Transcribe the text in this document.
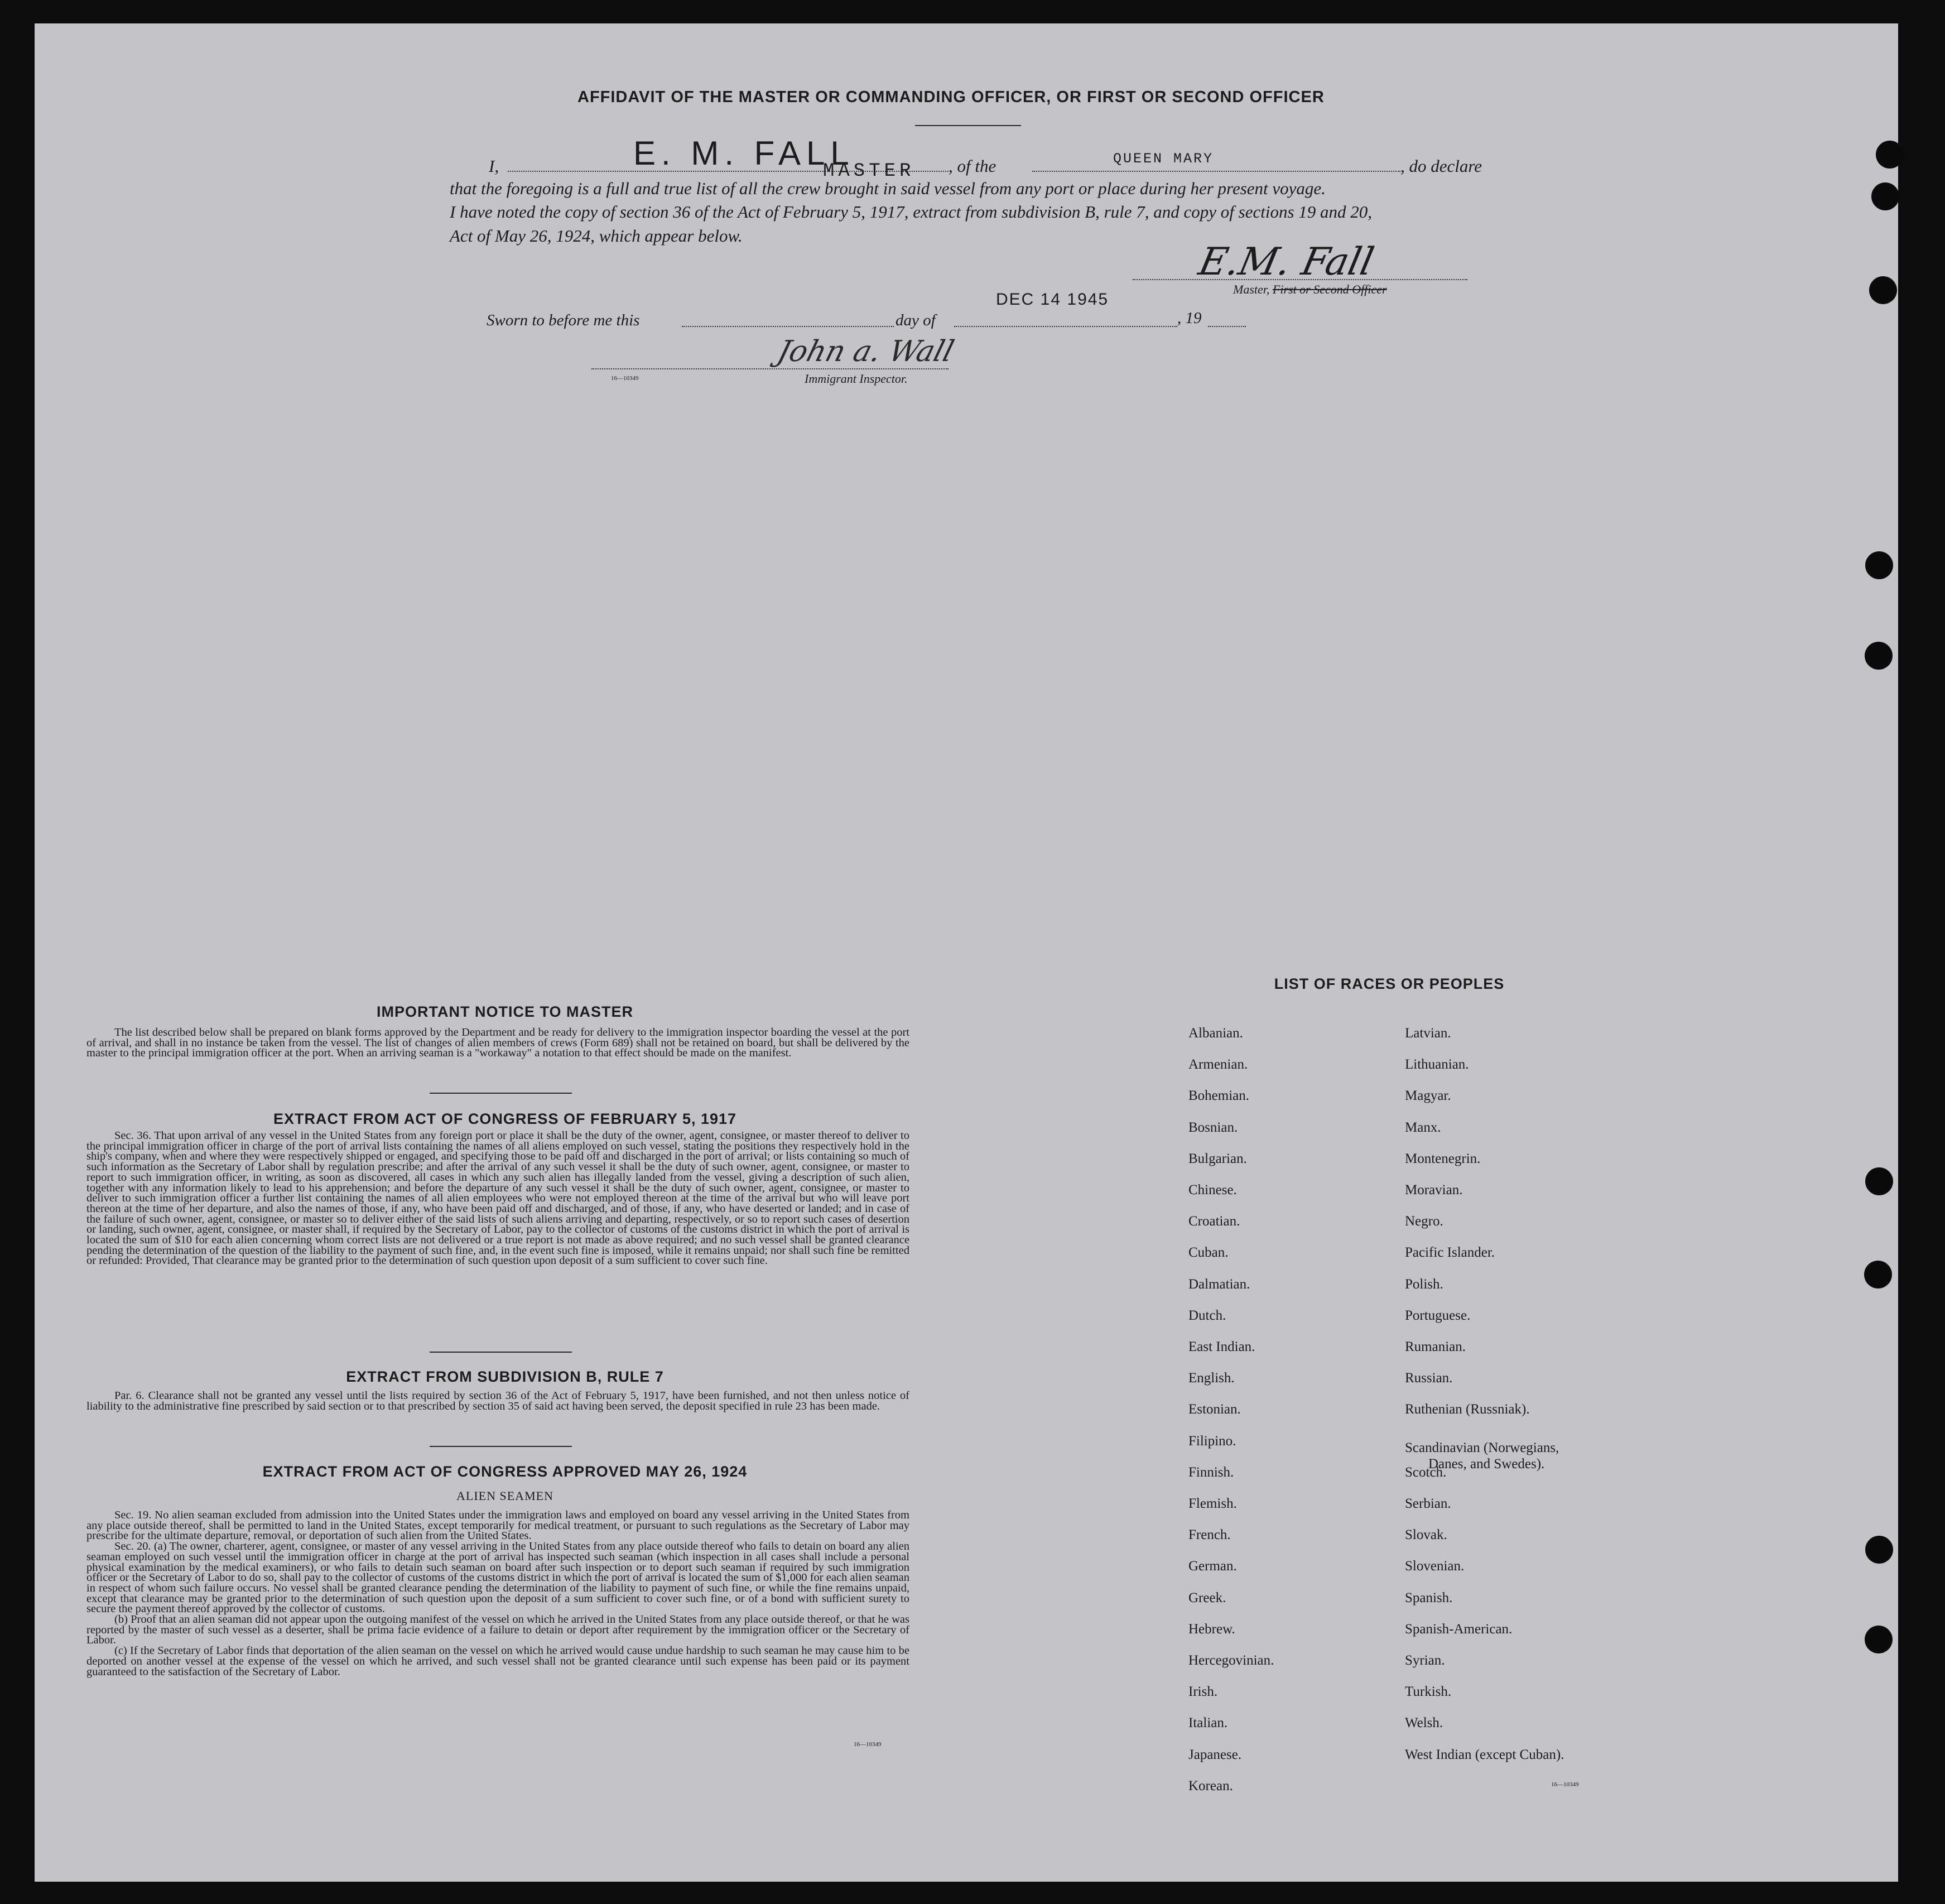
AFFIDAVIT OF THE MASTER OR COMMANDING OFFICER, OR FIRST OR SECOND OFFICER
I,	E. M. FALL
MASTER , of the	QUEEN MARY	, do declare
that the foregoing is a full and true list of all the crew brought in said vessel from any port or place during her present voyage.
I have noted the copy of section 36 of the Act of February 5, 1917, extract from subdivision B, rule 7, and copy of sections 19 and 20,
Act of May 26, 1924, which appear below.
E.M. Fall
Master, First or Second Officer
Sworn to before me this	day of
DEC 14 1945
, 19
John a. Wall
Immigrant Inspector.
16—10349
IMPORTANT NOTICE TO MASTER

The list described below shall be prepared on blank forms approved by the Department and be ready for delivery to the immigration inspector boarding the vessel at the port of arrival, and shall in no instance be taken from the vessel. The list of changes of alien members of crews (Form 689) shall not be retained on board, but shall be delivered by the master to the principal immigration officer at the port. When an arriving seaman is a "workaway" a notation to that effect should be made on the manifest.

EXTRACT FROM ACT OF CONGRESS OF FEBRUARY 5, 1917

Sec. 36. That upon arrival of any vessel in the United States from any foreign port or place it shall be the duty of the owner, agent, consignee, or master thereof to deliver to the principal immigration officer in charge of the port of arrival lists containing the names of all aliens employed on such vessel, stating the positions they respectively hold in the ship's company, when and where they were respectively shipped or engaged, and specifying those to be paid off and discharged in the port of arrival; or lists containing so much of such information as the Secretary of Labor shall by regulation prescribe; and after the arrival of any such vessel it shall be the duty of such owner, agent, consignee, or master to report to such immigration officer, in writing, as soon as discovered, all cases in which any such alien has illegally landed from the vessel, giving a description of such alien, together with any information likely to lead to his apprehension; and before the departure of any such vessel it shall be the duty of such owner, agent, consignee, or master to deliver to such immigration officer a further list containing the names of all alien employees who were not employed thereon at the time of the arrival but who will leave port thereon at the time of her departure, and also the names of those, if any, who have been paid off and discharged, and of those, if any, who have deserted or landed; and in case of the failure of such owner, agent, consignee, or master so to deliver either of the said lists of such aliens arriving and departing, respectively, or so to report such cases of desertion or landing, such owner, agent, consignee, or master shall, if required by the Secretary of Labor, pay to the collector of customs of the customs district in which the port of arrival is located the sum of $10 for each alien concerning whom correct lists are not delivered or a true report is not made as above required; and no such vessel shall be granted clearance pending the determination of the question of the liability to the payment of such fine, and, in the event such fine is imposed, while it remains unpaid; nor shall such fine be remitted or refunded: Provided, That clearance may be granted prior to the determination of such question upon deposit of a sum sufficient to cover such fine.

EXTRACT FROM SUBDIVISION B, RULE 7

Par. 6. Clearance shall not be granted any vessel until the lists required by section 36 of the Act of February 5, 1917, have been furnished, and not then unless notice of liability to the administrative fine prescribed by said section or to that prescribed by section 35 of said act having been served, the deposit specified in rule 23 has been made.

EXTRACT FROM ACT OF CONGRESS APPROVED MAY 26, 1924
ALIEN SEAMEN

Sec. 19. No alien seaman excluded from admission into the United States under the immigration laws and employed on board any vessel arriving in the United States from any place outside thereof, shall be permitted to land in the United States, except temporarily for medical treatment, or pursuant to such regulations as the Secretary of Labor may prescribe for the ultimate departure, removal, or deportation of such alien from the United States.

Sec. 20. (a) The owner, charterer, agent, consignee, or master of any vessel arriving in the United States from any place outside thereof who fails to detain on board any alien seaman employed on such vessel until the immigration officer in charge at the port of arrival has inspected such seaman (which inspection in all cases shall include a personal physical examination by the medical examiners), or who fails to detain such seaman on board after such inspection or to deport such seaman if required by such immigration officer or the Secretary of Labor to do so, shall pay to the collector of customs of the customs district in which the port of arrival is located the sum of $1,000 for each alien seaman in respect of whom such failure occurs. No vessel shall be granted clearance pending the determination of the liability to payment of such fine, or while the fine remains unpaid, except that clearance may be granted prior to the determination of such question upon the deposit of a sum sufficient to cover such fine, or of a bond with sufficient surety to secure the payment thereof approved by the collector of customs.

(b) Proof that an alien seaman did not appear upon the outgoing manifest of the vessel on which he arrived in the United States from any place outside thereof, or that he was reported by the master of such vessel as a deserter, shall be prima facie evidence of a failure to detain or deport after requirement by the immigration officer or the Secretary of Labor.

(c) If the Secretary of Labor finds that deportation of the alien seaman on the vessel on which he arrived would cause undue hardship to such seaman he may cause him to be deported on another vessel at the expense of the vessel on which he arrived, and such vessel shall not be granted clearance until such expense has been paid or its payment guaranteed to the satisfaction of the Secretary of Labor.

16—10349
LIST OF RACES OR PEOPLES
Albanian.
Armenian.
Bohemian.
Bosnian.
Bulgarian.
Chinese.
Croatian.
Cuban.
Dalmatian.
Dutch.
East Indian.
English.
Estonian.
Filipino.
Finnish.
Flemish.
French.
German.
Greek.
Hebrew.
Hercegovinian.
Irish.
Italian.
Japanese.
Korean.
Latvian.
Lithuanian.
Magyar.
Manx.
Montenegrin.
Moravian.
Negro.
Pacific Islander.
Polish.
Portuguese.
Rumanian.
Russian.
Ruthenian (Russniak).
Scandinavian (Norwegians,
Danes, and Swedes).
Scotch.
Serbian.
Slovak.
Slovenian.
Spanish.
Spanish-American.
Syrian.
Turkish.
Welsh.
West Indian (except Cuban).
16—10349
